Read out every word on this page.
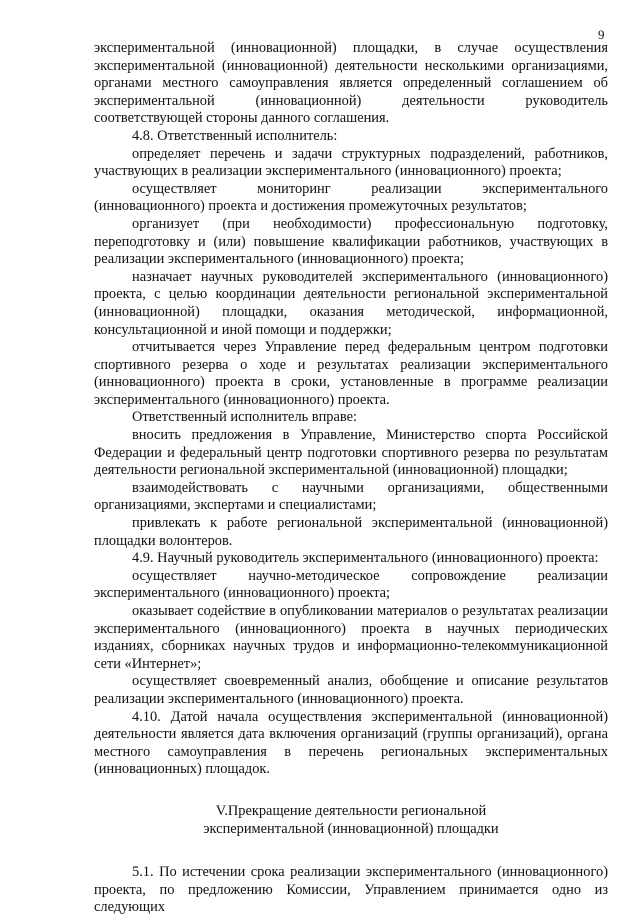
9

экспериментальной (инновационной) площадки, в случае осуществления экспериментальной (инновационной) деятельности несколькими организациями, органами местного самоуправления является определенный соглашением об экспериментальной (инновационной) деятельности руководитель соответствующей стороны данного соглашения.

4.8. Ответственный исполнитель:

определяет перечень и задачи структурных подразделений, работников, участвующих в реализации экспериментального (инновационного) проекта;

осуществляет мониторинг реализации экспериментального (инновационного) проекта и достижения промежуточных результатов;

организует (при необходимости) профессиональную подготовку, переподготовку и (или) повышение квалификации работников, участвующих в реализации экспериментального (инновационного) проекта;

назначает научных руководителей экспериментального (инновационного) проекта, с целью координации деятельности региональной экспериментальной (инновационной) площадки, оказания методической, информационной, консультационной и иной помощи и поддержки;

отчитывается через Управление перед федеральным центром подготовки спортивного резерва о ходе и результатах реализации экспериментального (инновационного) проекта в сроки, установленные в программе реализации экспериментального (инновационного) проекта.

Ответственный исполнитель вправе:

вносить предложения в Управление, Министерство спорта Российской Федерации и федеральный центр подготовки спортивного резерва по результатам деятельности региональной экспериментальной (инновационной) площадки;

взаимодействовать с научными организациями, общественными организациями, экспертами и специалистами;

привлекать к работе региональной экспериментальной (инновационной) площадки волонтеров.

4.9. Научный руководитель экспериментального (инновационного) проекта:

осуществляет научно-методическое сопровождение реализации экспериментального (инновационного) проекта;

оказывает содействие в опубликовании материалов о результатах реализации экспериментального (инновационного) проекта в научных периодических изданиях, сборниках научных трудов и информационно-телекоммуникационной сети «Интернет»;

осуществляет своевременный анализ, обобщение и описание результатов реализации экспериментального (инновационного) проекта.

4.10. Датой начала осуществления экспериментальной (инновационной) деятельности является дата включения организаций (группы организаций), органа местного самоуправления в перечень региональных экспериментальных (инновационных) площадок.

V.Прекращение деятельности региональной
экспериментальной (инновационной) площадки

5.1. По истечении срока реализации экспериментального (инновационного) проекта, по предложению Комиссии, Управлением принимается одно из следующих
